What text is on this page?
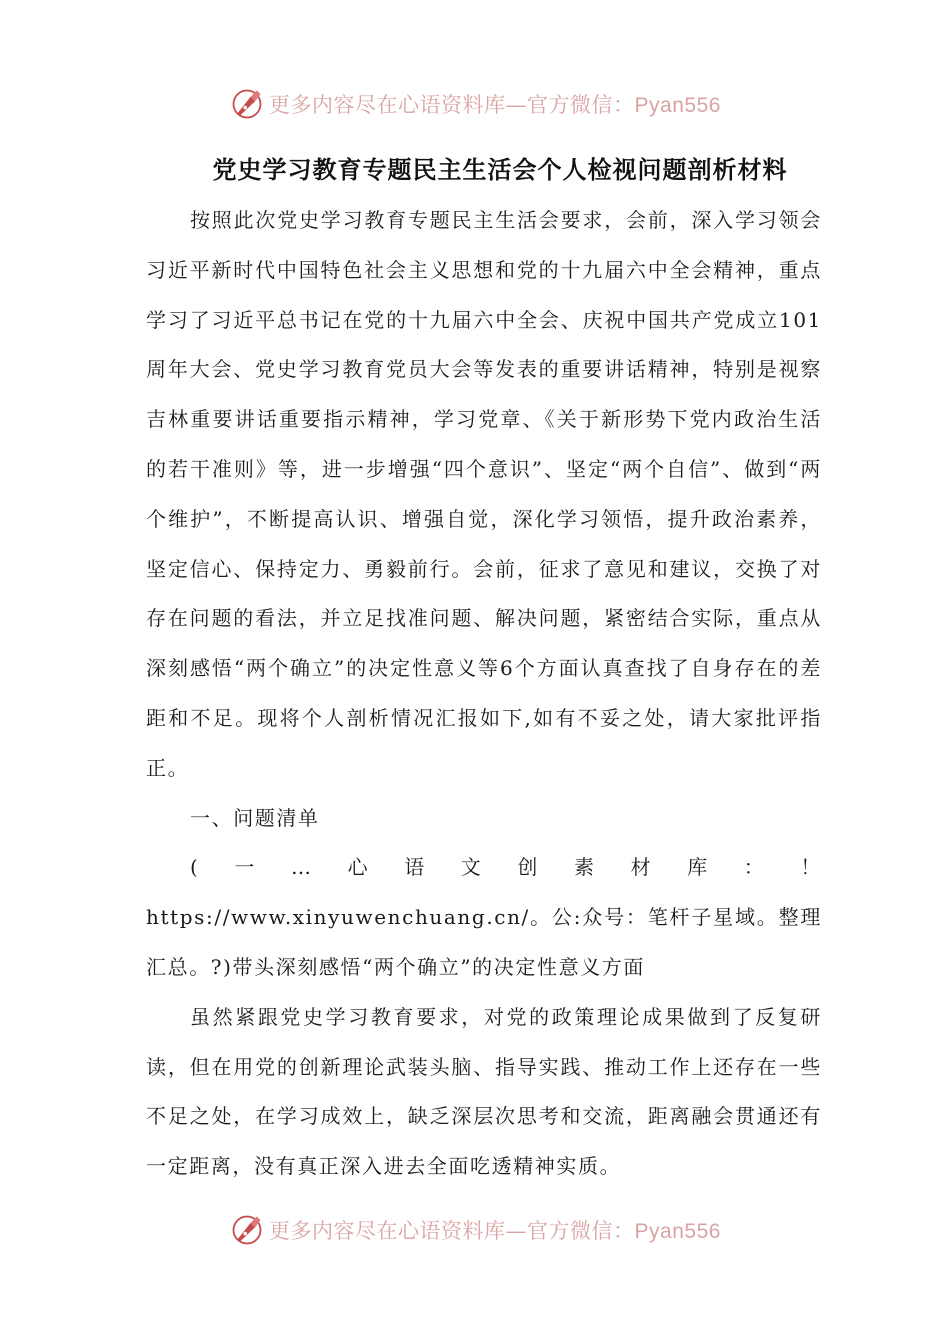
更多内容尽在心语资料库—官方微信：Pyan556
党史学习教育专题民主生活会个人检视问题剖析材料

按照此次党史学习教育专题民主生活会要求，会前，深入学习领会习近平新时代中国特色社会主义思想和党的十九届六中全会精神，重点学习了习近平总书记在党的十九届六中全会、庆祝中国共产党成立101周年大会、党史学习教育党员大会等发表的重要讲话精神，特别是视察吉林重要讲话重要指示精神，学习党章、《关于新形势下党内政治生活的若干准则》等，进一步增强“四个意识”、坚定“两个自信”、做到“两个维护”，不断提高认识、增强自觉，深化学习领悟，提升政治素养，坚定信心、保持定力、勇毅前行。会前，征求了意见和建议，交换了对存在问题的看法，并立足找准问题、解决问题，紧密结合实际，重点从深刻感悟“两个确立”的决定性意义等6个方面认真查找了自身存在的差距和不足。现将个人剖析情况汇报如下,如有不妥之处，请大家批评指正。

一、问题清单

(一…心语文创素材库：！https://www.xinyuwenchuang.cn/。公:众号：笔杆子星域。整理汇总。?)带头深刻感悟“两个确立”的决定性意义方面

虽然紧跟党史学习教育要求，对党的政策理论成果做到了反复研读，但在用党的创新理论武装头脑、指导实践、推动工作上还存在一些不足之处，在学习成效上，缺乏深层次思考和交流，距离融会贯通还有一定距离，没有真正深入进去全面吃透精神实质。

更多内容尽在心语资料库—官方微信：Pyan556
